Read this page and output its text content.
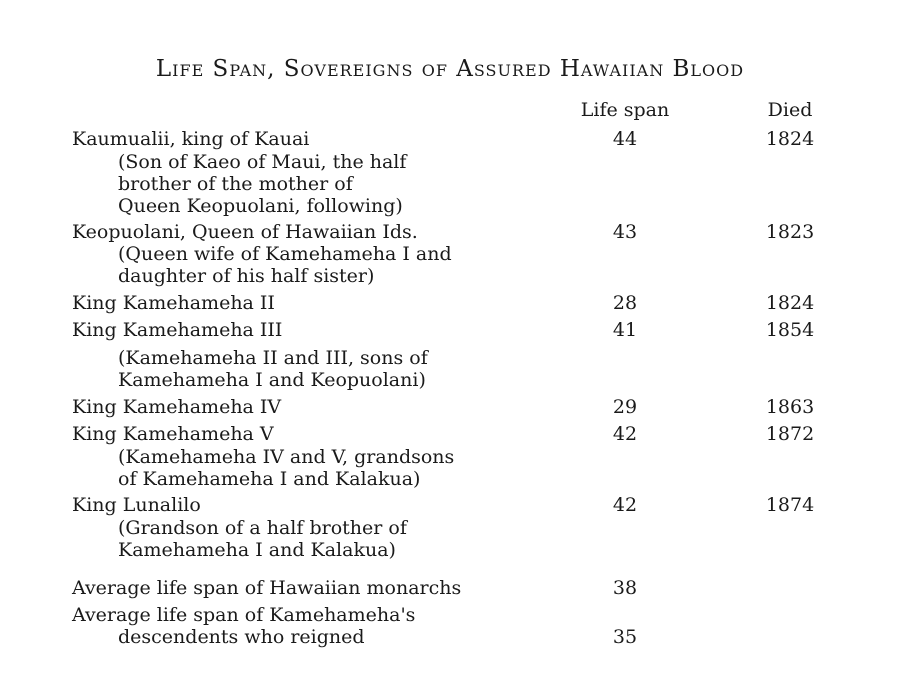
Life Span, Sovereigns of Assured Hawaiian Blood
Life span	Died
Kaumualii, king of Kauai	44	1824
(Son of Kaeo of Maui, the half
brother of the mother of
Queen Keopuolani, following)
Keopuolani, Queen of Hawaiian Ids.	43	1823
(Queen wife of Kamehameha I and
daughter of his half sister)
King Kamehameha II	28	1824
King Kamehameha III	41	1854
(Kamehameha II and III, sons of
Kamehameha I and Keopuolani)
King Kamehameha IV	29	1863
King Kamehameha V	42	1872
(Kamehameha IV and V, grandsons
of Kamehameha I and Kalakua)
King Lunalilo	42	1874
(Grandson of a half brother of
Kamehameha I and Kalakua)
Average life span of Hawaiian monarchs	38
Average life span of Kamehameha's
descendents who reigned	35
